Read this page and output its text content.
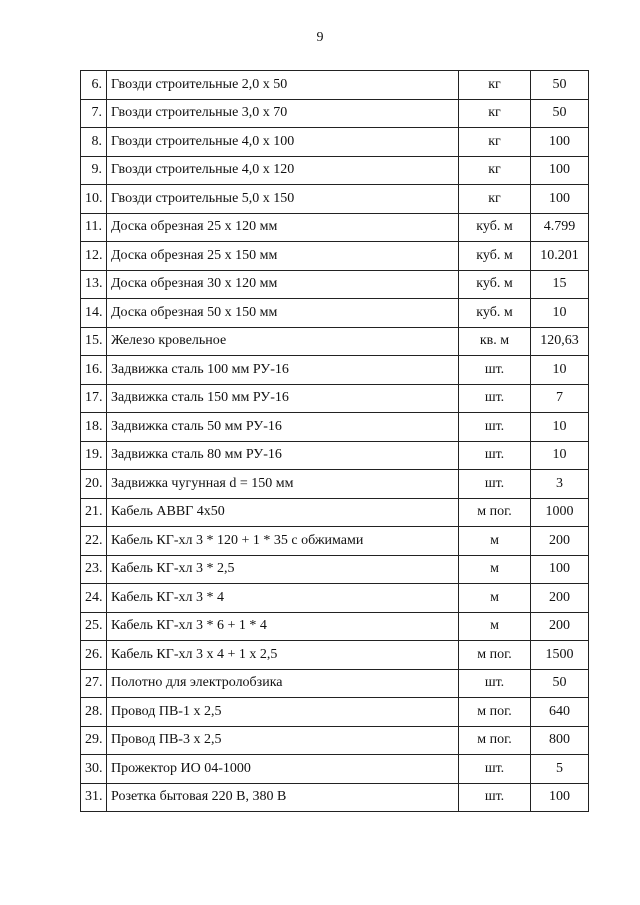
9
6.	Гвозди строительные 2,0 х 50	кг	50
7.	Гвозди строительные 3,0 х 70	кг	50
8.	Гвозди строительные 4,0 х 100	кг	100
9.	Гвозди строительные 4,0 х 120	кг	100
10.	Гвозди строительные 5,0 х 150	кг	100
11.	Доска обрезная 25 х 120 мм	куб. м	4.799
12.	Доска обрезная 25 х 150 мм	куб. м	10.201
13.	Доска обрезная 30 х 120 мм	куб. м	15
14.	Доска обрезная 50 х 150 мм	куб. м	10
15.	Железо кровельное	кв. м	120,63
16.	Задвижка сталь 100 мм РУ-16	шт.	10
17.	Задвижка сталь 150 мм РУ-16	шт.	7
18.	Задвижка сталь 50 мм РУ-16	шт.	10
19.	Задвижка сталь 80 мм РУ-16	шт.	10
20.	Задвижка чугунная d = 150 мм	шт.	3
21.	Кабель АВВГ 4х50	м пог.	1000
22.	Кабель КГ-хл 3 * 120 + 1 * 35 с обжимами	м	200
23.	Кабель КГ-хл 3 * 2,5	м	100
24.	Кабель КГ-хл 3 * 4	м	200
25.	Кабель КГ-хл 3 * 6 + 1 * 4	м	200
26.	Кабель КГ-хл 3 х 4 + 1 х 2,5	м пог.	1500
27.	Полотно для электролобзика	шт.	50
28.	Провод ПВ-1 х 2,5	м пог.	640
29.	Провод ПВ-3 х 2,5	м пог.	800
30.	Прожектор ИО 04-1000	шт.	5
31.	Розетка бытовая 220 В, 380 В	шт.	100
